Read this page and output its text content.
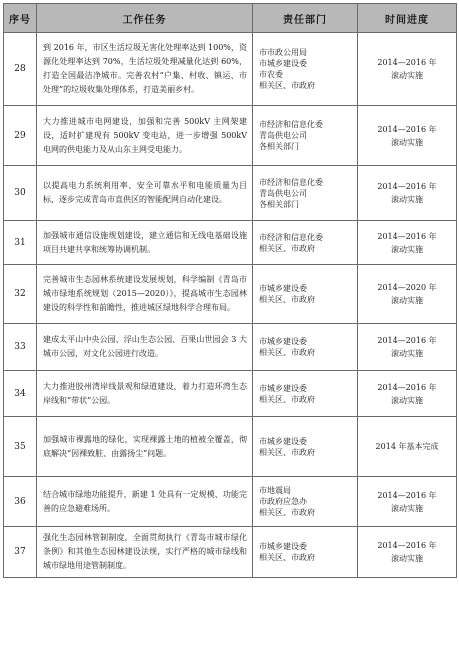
序号	工作任务	责任部门	时间进度
28	到 2016 年，市区生活垃圾无害化处理率达到 100%，资源化处理率达到 70%，生活垃圾处理减量化达到 60%，打造全国最洁净城市。完善农村“户集、村收、镇运、市处理”的垃圾收集处理体系，打造美丽乡村。	市市政公用局
市城乡建设委
市农委
相关区、市政府	2014—2016 年
滚动实施

29	大力推进城市电网建设，加强和完善 500kV 主网架建设，适时扩建现有 500kV 变电站，进一步增强 500kV 电网的供电能力及从山东主网受电能力。	市经济和信息化委
青岛供电公司
各相关部门	2014—2016 年
滚动实施

30	以提高电力系统利用率、安全可靠水平和电能质量为目标，逐步完成青岛市直供区的智能配网自动化建设。	市经济和信息化委
青岛供电公司
各相关部门	2014—2016 年
滚动实施

31	加强城市通信设施规划建设，建立通信和无线电基础设施项目共建共享和统筹协调机制。	市经济和信息化委
相关区、市政府	2014—2016 年
滚动实施

32	完善城市生态园林系统建设发展规划，科学编制《青岛市城市绿地系统规划（2015—2020）》，提高城市生态园林建设的科学性和前瞻性，推进城区绿地科学合理布局。	市城乡建设委
相关区、市政府	2014—2020 年
滚动实施

33	建成太平山中央公园、浮山生态公园、百果山世园会 3 大城市公园，对文化公园进行改造。	市城乡建设委
相关区、市政府	2014—2016 年
滚动实施

34	大力推进胶州湾岸线景观和绿道建设，着力打造环湾生态岸线和“带状”公园。	市城乡建设委
相关区、市政府	2014—2016 年
滚动实施

35	加强城市裸露地的绿化，实现裸露土地的植被全覆盖，彻底解决“因裸致脏、由露扬尘”问题。	市城乡建设委
相关区、市政府	2014 年基本完成

36	结合城市绿地功能提升，新建 1 处具有一定规模、功能完善的应急避难场所。	市地震局
市政府应急办
相关区、市政府	2014—2016 年
滚动实施

37	强化生态园林管制制度，全面贯彻执行《青岛市城市绿化条例》和其他生态园林建设法规，实行严格的城市绿线和城市绿地用途管制制度。	市城乡建设委
相关区、市政府	2014—2016 年
滚动实施
